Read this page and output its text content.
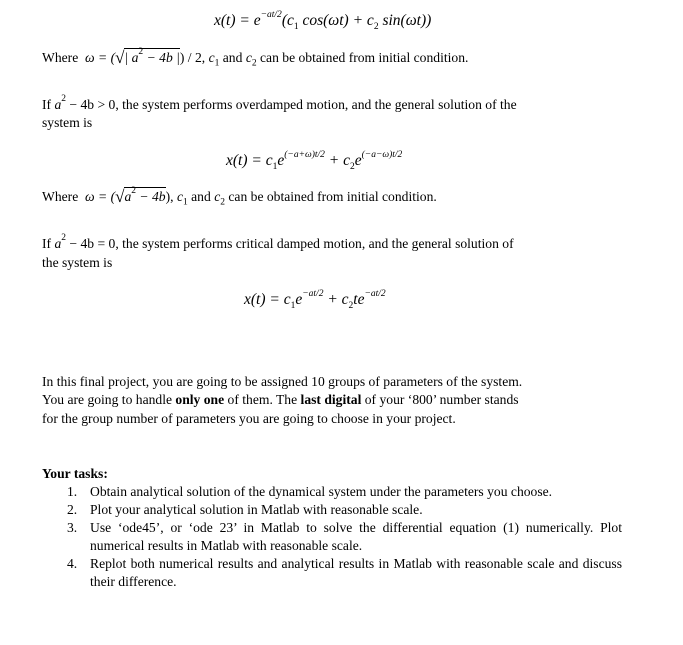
$x(t) = e^{-at/2}(c_1$ $\cos(\omega t) + c_2$ sin(ωt))
Where ω = (√| $a^2 - 4b$ |) / 2, $c_1$ and $c_2$ can be obtained from initial condition.
If $a^2 - 4b > 0$, the system performs overdamped motion, and the general solution of the
system is
$x(t) = c_1e^{(-a+\omega)t/2} + c_2e^{(-a-\omega)t/2}$
Where $\omega = (√a^2 - 4b)$, $c_1$ and $c_2$ can be obtained from initial condition.
If $a^2 - 4b = 0$, the system performs critical damped motion, and the general solution of
the system is
$x(t) = c_1e^{-at/2} + c_2te^{-at/2}$
In this final project, you are going to be assigned 10 groups of parameters of the system.
You are going to handle only one of them. The last digital of your ‘800’ number stands
for the group number of parameters you are going to choose in your project.
Your tasks:
1. Obtain analytical solution of the dynamical system under the parameters you choose.
2. Plot your analytical solution in Matlab with reasonable scale.
3. Use ‘ode45’, or ‘ode 23’ in Matlab to solve the differential equation (1) numerically. Plot numerical results in Matlab with reasonable scale.
4. Replot both numerical results and analytical results in Matlab with reasonable scale and discuss their difference.
